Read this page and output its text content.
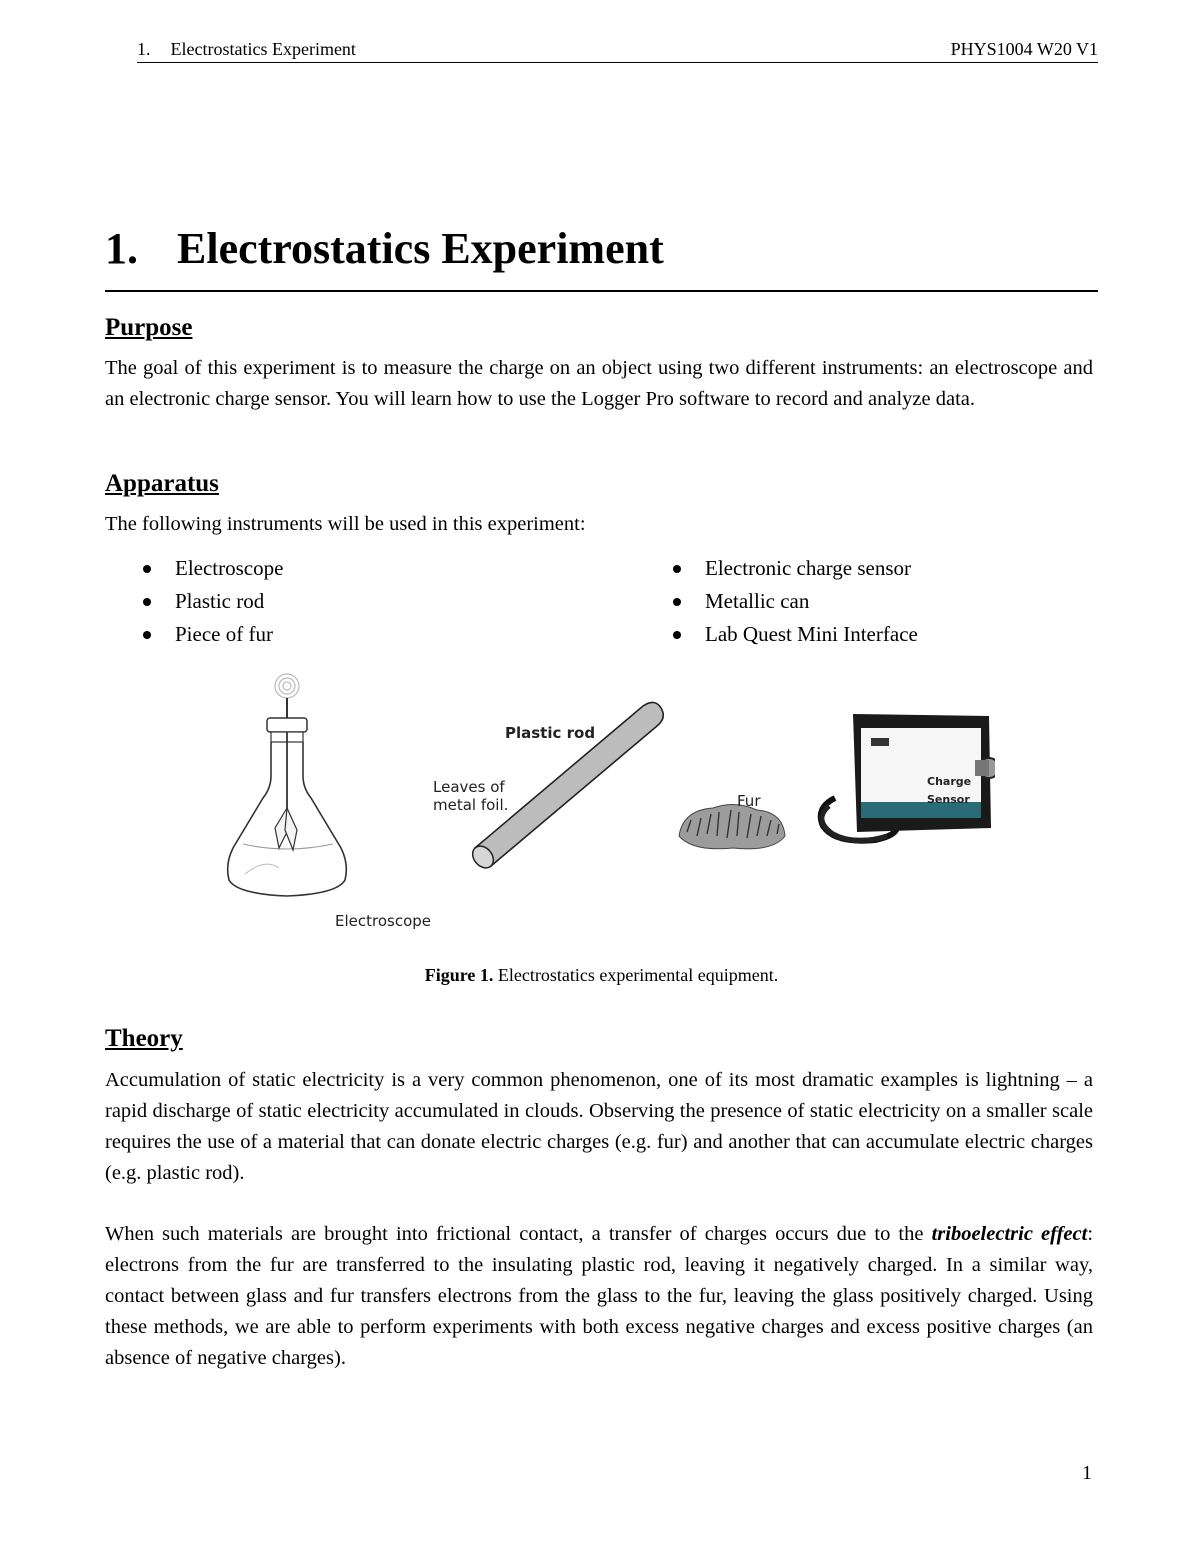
1. Electrostatics Experiment	PHYS1004 W20 V1
1. Electrostatics Experiment
Purpose

The goal of this experiment is to measure the charge on an object using two different instruments: an electroscope and an electronic charge sensor. You will learn how to use the Logger Pro software to record and analyze data.

Apparatus

The following instruments will be used in this experiment:

Electroscope
Plastic rod
Piece of fur
Electronic charge sensor
Metallic can
Lab Quest Mini Interface
Leaves of
metal foil.
Electroscope
Plastic rod
Fur
Charge Sensor
Figure 1. Electrostatics experimental equipment.
Theory

Accumulation of static electricity is a very common phenomenon, one of its most dramatic examples is lightning – a rapid discharge of static electricity accumulated in clouds. Observing the presence of static electricity on a smaller scale requires the use of a material that can donate electric charges (e.g. fur) and another that can accumulate electric charges (e.g. plastic rod).

When such materials are brought into frictional contact, a transfer of charges occurs due to the triboelectric effect: electrons from the fur are transferred to the insulating plastic rod, leaving it negatively charged. In a similar way, contact between glass and fur transfers electrons from the glass to the fur, leaving the glass positively charged. Using these methods, we are able to perform experiments with both excess negative charges and excess positive charges (an absence of negative charges).

1
